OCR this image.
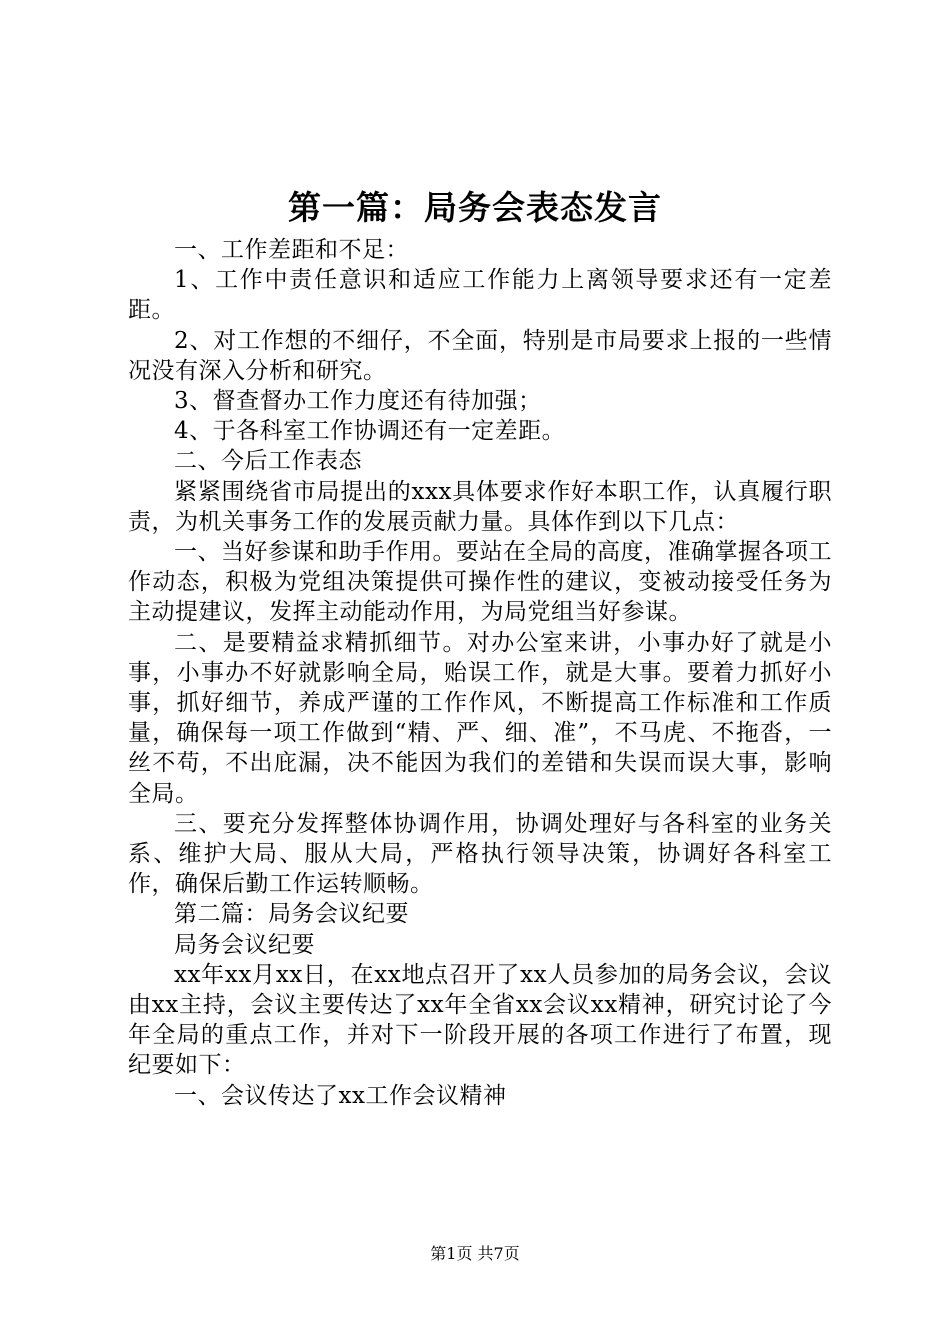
第一篇：局务会表态发言

一、工作差距和不足：

1、工作中责任意识和适应工作能力上离领导要求还有一定差距。

2、对工作想的不细仔，不全面，特别是市局要求上报的一些情况没有深入分析和研究。

3、督查督办工作力度还有待加强；

4、于各科室工作协调还有一定差距。

二、今后工作表态

紧紧围绕省市局提出的xxx具体要求作好本职工作，认真履行职责，为机关事务工作的发展贡献力量。具体作到以下几点：

一、当好参谋和助手作用。要站在全局的高度，准确掌握各项工作动态，积极为党组决策提供可操作性的建议，变被动接受任务为主动提建议，发挥主动能动作用，为局党组当好参谋。

二、是要精益求精抓细节。对办公室来讲，小事办好了就是小事，小事办不好就影响全局，贻误工作，就是大事。要着力抓好小事，抓好细节，养成严谨的工作作风，不断提高工作标准和工作质量，确保每一项工作做到“精、严、细、准”，不马虎、不拖沓，一丝不苟，不出庇漏，决不能因为我们的差错和失误而误大事，影响全局。

三、要充分发挥整体协调作用，协调处理好与各科室的业务关系、维护大局、服从大局，严格执行领导决策，协调好各科室工作，确保后勤工作运转顺畅。

第二篇：局务会议纪要

局务会议纪要

xx年xx月xx日，在xx地点召开了xx人员参加的局务会议，会议由xx主持，会议主要传达了xx年全省xx会议xx精神，研究讨论了今年全局的重点工作，并对下一阶段开展的各项工作进行了布置，现纪要如下：

一、会议传达了xx工作会议精神

第1页 共7页
